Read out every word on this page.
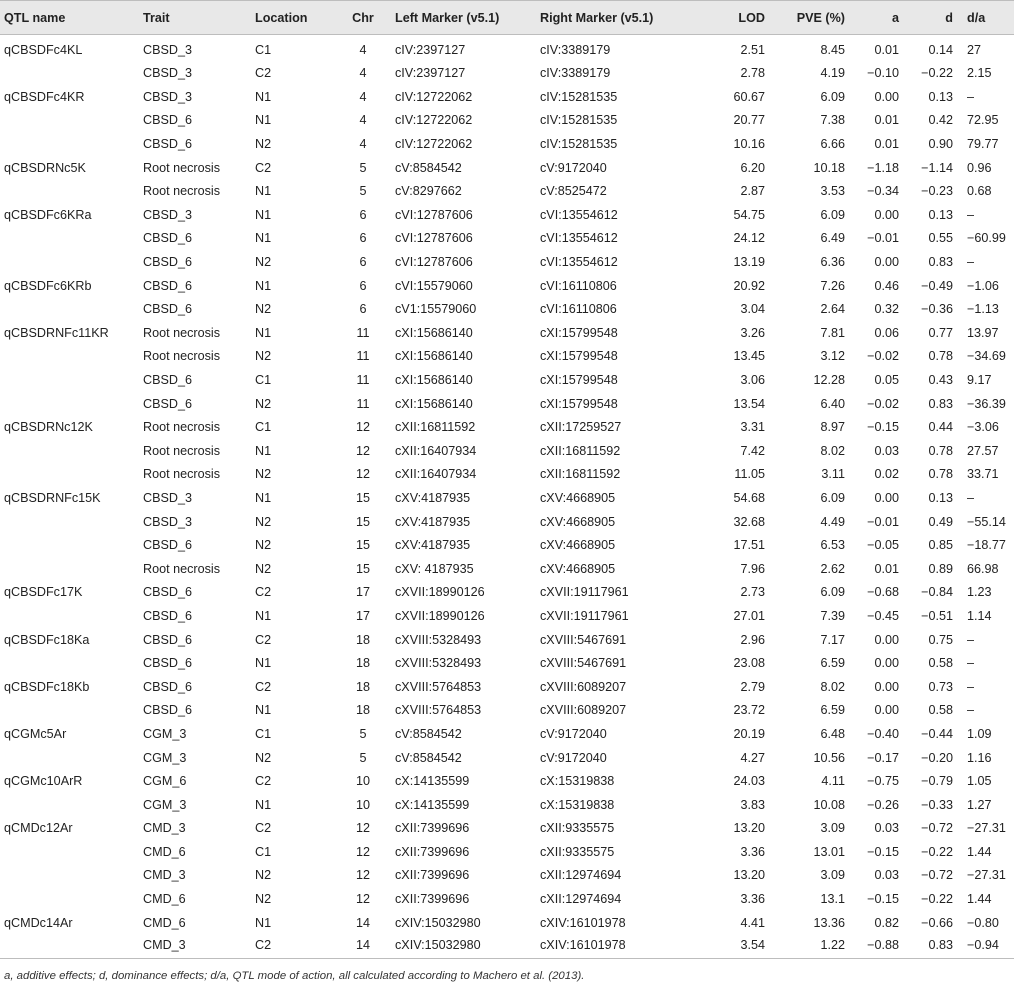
QTL name	Trait	Location	Chr	Left Marker (v5.1)	Right Marker (v5.1)	LOD	PVE (%)	a	d	d/a
qCBSDFc4KL	CBSD_3	C1	4	cIV:2397127	cIV:3389179	2.51	8.45	0.01	0.14	27
	CBSD_3	C2	4	cIV:2397127	cIV:3389179	2.78	4.19	−0.10	−0.22	2.15
qCBSDFc4KR	CBSD_3	N1	4	cIV:12722062	cIV:15281535	60.67	6.09	0.00	0.13	–
	CBSD_6	N1	4	cIV:12722062	cIV:15281535	20.77	7.38	0.01	0.42	72.95
	CBSD_6	N2	4	cIV:12722062	cIV:15281535	10.16	6.66	0.01	0.90	79.77
qCBSDRNc5K	Root necrosis	C2	5	cV:8584542	cV:9172040	6.20	10.18	−1.18	−1.14	0.96
	Root necrosis	N1	5	cV:8297662	cV:8525472	2.87	3.53	−0.34	−0.23	0.68
qCBSDFc6KRa	CBSD_3	N1	6	cVI:12787606	cVI:13554612	54.75	6.09	0.00	0.13	–
	CBSD_6	N1	6	cVI:12787606	cVI:13554612	24.12	6.49	−0.01	0.55	−60.99
	CBSD_6	N2	6	cVI:12787606	cVI:13554612	13.19	6.36	0.00	0.83	–
qCBSDFc6KRb	CBSD_6	N1	6	cVI:15579060	cVI:16110806	20.92	7.26	0.46	−0.49	−1.06
	CBSD_6	N2	6	cV1:15579060	cVI:16110806	3.04	2.64	0.32	−0.36	−1.13
qCBSDRNFc11KR	Root necrosis	N1	11	cXI:15686140	cXI:15799548	3.26	7.81	0.06	0.77	13.97
	Root necrosis	N2	11	cXI:15686140	cXI:15799548	13.45	3.12	−0.02	0.78	−34.69
	CBSD_6	C1	11	cXI:15686140	cXI:15799548	3.06	12.28	0.05	0.43	9.17
	CBSD_6	N2	11	cXI:15686140	cXI:15799548	13.54	6.40	−0.02	0.83	−36.39
qCBSDRNc12K	Root necrosis	C1	12	cXII:16811592	cXII:17259527	3.31	8.97	−0.15	0.44	−3.06
	Root necrosis	N1	12	cXII:16407934	cXII:16811592	7.42	8.02	0.03	0.78	27.57
	Root necrosis	N2	12	cXII:16407934	cXII:16811592	11.05	3.11	0.02	0.78	33.71
qCBSDRNFc15K	CBSD_3	N1	15	cXV:4187935	cXV:4668905	54.68	6.09	0.00	0.13	–
	CBSD_3	N2	15	cXV:4187935	cXV:4668905	32.68	4.49	−0.01	0.49	−55.14
	CBSD_6	N2	15	cXV:4187935	cXV:4668905	17.51	6.53	−0.05	0.85	−18.77
	Root necrosis	N2	15	cXV: 4187935	cXV:4668905	7.96	2.62	0.01	0.89	66.98
qCBSDFc17K	CBSD_6	C2	17	cXVII:18990126	cXVII:19117961	2.73	6.09	−0.68	−0.84	1.23
	CBSD_6	N1	17	cXVII:18990126	cXVII:19117961	27.01	7.39	−0.45	−0.51	1.14
qCBSDFc18Ka	CBSD_6	C2	18	cXVIII:5328493	cXVIII:5467691	2.96	7.17	0.00	0.75	–
	CBSD_6	N1	18	cXVIII:5328493	cXVIII:5467691	23.08	6.59	0.00	0.58	–
qCBSDFc18Kb	CBSD_6	C2	18	cXVIII:5764853	cXVIII:6089207	2.79	8.02	0.00	0.73	–
	CBSD_6	N1	18	cXVIII:5764853	cXVIII:6089207	23.72	6.59	0.00	0.58	–
qCGMc5Ar	CGM_3	C1	5	cV:8584542	cV:9172040	20.19	6.48	−0.40	−0.44	1.09
	CGM_3	N2	5	cV:8584542	cV:9172040	4.27	10.56	−0.17	−0.20	1.16
qCGMc10ArR	CGM_6	C2	10	cX:14135599	cX:15319838	24.03	4.11	−0.75	−0.79	1.05
	CGM_3	N1	10	cX:14135599	cX:15319838	3.83	10.08	−0.26	−0.33	1.27
qCMDc12Ar	CMD_3	C2	12	cXII:7399696	cXII:9335575	13.20	3.09	0.03	−0.72	−27.31
	CMD_6	C1	12	cXII:7399696	cXII:9335575	3.36	13.01	−0.15	−0.22	1.44
	CMD_3	N2	12	cXII:7399696	cXII:12974694	13.20	3.09	0.03	−0.72	−27.31
	CMD_6	N2	12	cXII:7399696	cXII:12974694	3.36	13.1	−0.15	−0.22	1.44
qCMDc14Ar	CMD_6	N1	14	cXIV:15032980	cXIV:16101978	4.41	13.36	0.82	−0.66	−0.80
	CMD_3	C2	14	cXIV:15032980	cXIV:16101978	3.54	1.22	−0.88	0.83	−0.94
a, additive effects; d, dominance effects; d/a, QTL mode of action, all calculated according to Machero et al. (2013).
